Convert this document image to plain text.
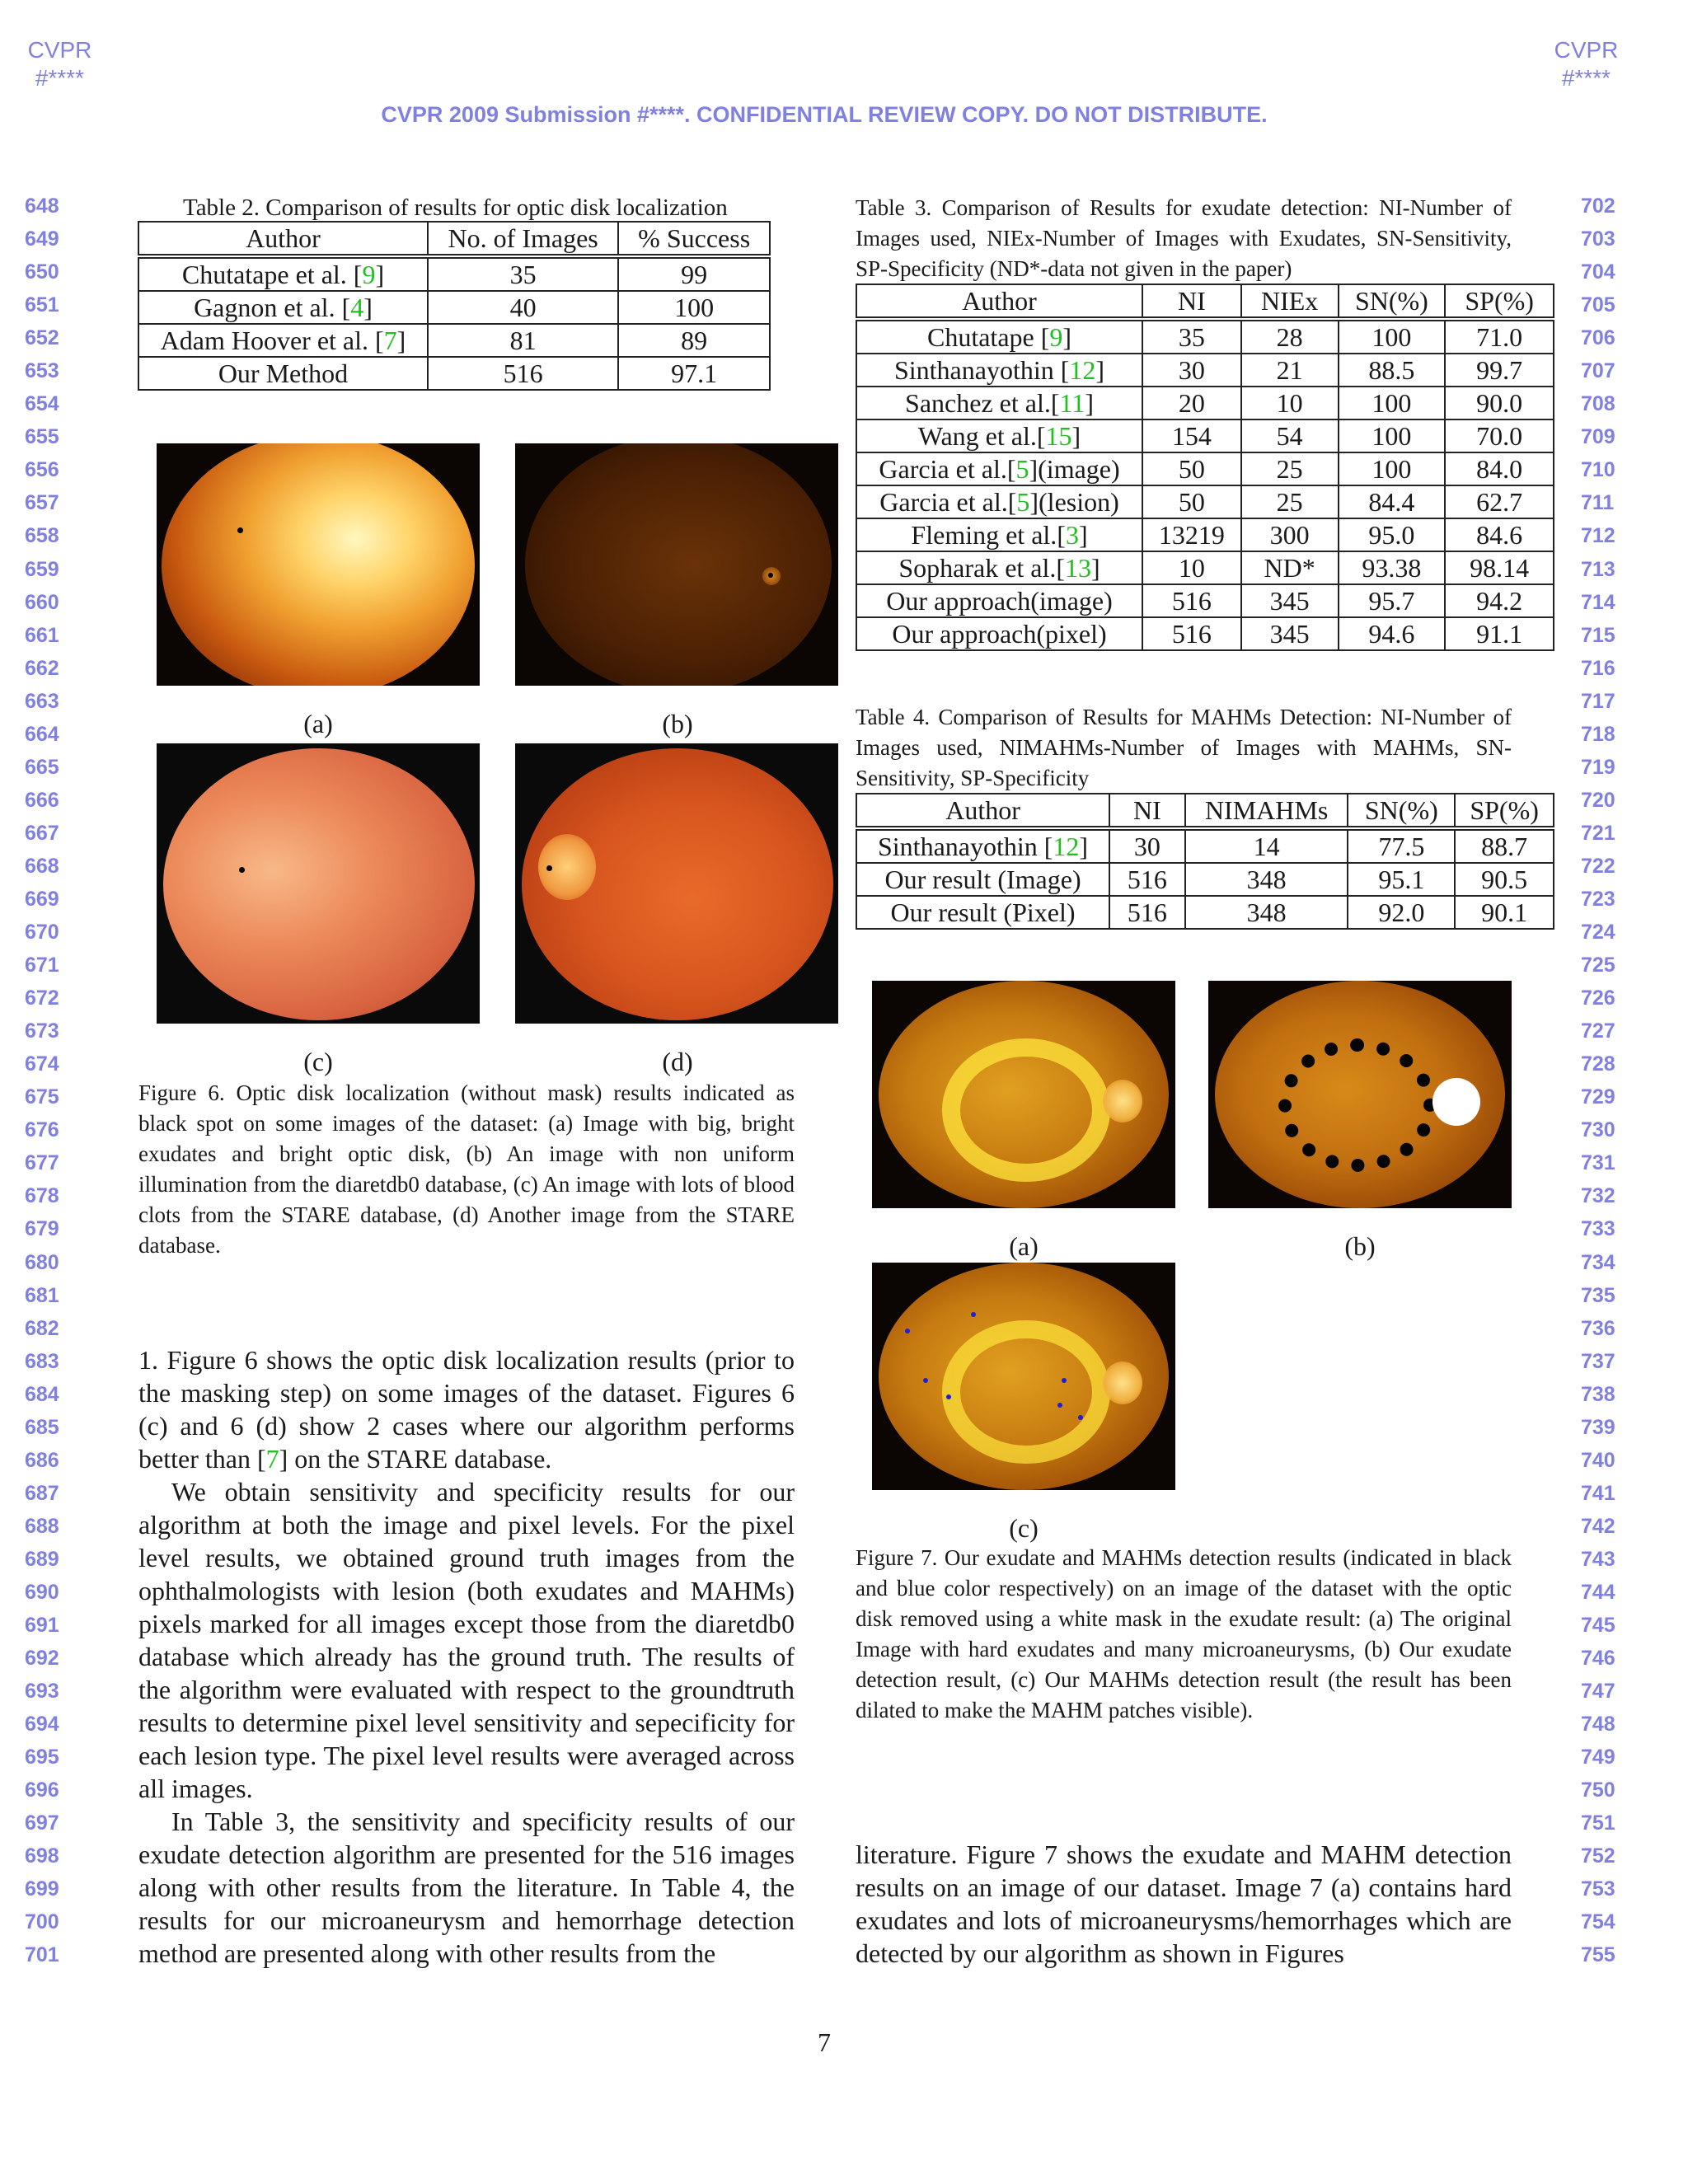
CVPR
#****
CVPR
#****
CVPR 2009 Submission #****. CONFIDENTIAL REVIEW COPY. DO NOT DISTRIBUTE.
648
649
650
651
652
653
654
655
656
657
658
659
660
661
662
663
664
665
666
667
668
669
670
671
672
673
674
675
676
677
678
679
680
681
682
683
684
685
686
687
688
689
690
691
692
693
694
695
696
697
698
699
700
701
702
703
704
705
706
707
708
709
710
711
712
713
714
715
716
717
718
719
720
721
722
723
724
725
726
727
728
729
730
731
732
733
734
735
736
737
738
739
740
741
742
743
744
745
746
747
748
749
750
751
752
753
754
755
Table 2. Comparison of results for optic disk localization
Author	No. of Images	% Success
Chutatape et al. [9]	35	99
Gagnon et al. [4]	40	100
Adam Hoover et al. [7]	81	89
Our Method	516	97.1
Table 3. Comparison of Results for exudate detection: NI-Number of Images used, NIEx-Number of Images with Exudates, SN-Sensitivity, SP-Specificity (ND*-data not given in the paper)
Author	NI	NIEx	SN(%)	SP(%)
Chutatape [9]	35	28	100	71.0
Sinthanayothin [12]	30	21	88.5	99.7
Sanchez et al.[11]	20	10	100	90.0
Wang et al.[15]	154	54	100	70.0
Garcia et al.[5](image)	50	25	100	84.0
Garcia et al.[5](lesion)	50	25	84.4	62.7
Fleming et al.[3]	13219	300	95.0	84.6
Sopharak et al.[13]	10	ND*	93.38	98.14
Our approach(image)	516	345	95.7	94.2
Our approach(pixel)	516	345	94.6	91.1
Table 4. Comparison of Results for MAHMs Detection: NI-Number of Images used, NIMAHMs-Number of Images with MAHMs, SN-Sensitivity, SP-Specificity
Author	NI	NIMAHMs	SN(%)	SP(%)
Sinthanayothin [12]	30	14	77.5	88.7
Our result (Image)	516	348	95.1	90.5
Our result (Pixel)	516	348	92.0	90.1
(a)	(b)
(c)	(d)
Figure 6. Optic disk localization (without mask) results indicated as black spot on some images of the dataset: (a) Image with big, bright exudates and bright optic disk, (b) An image with non uniform illumination from the diaretdb0 database, (c) An image with lots of blood clots from the STARE database, (d) Another image from the STARE database.	(a)	(b)
(c)
Figure 7. Our exudate and MAHMs detection results (indicated in black and blue color respectively) on an image of the dataset with the optic disk removed using a white mask in the exudate result: (a) The original Image with hard exudates and many microaneurysms, (b) Our exudate detection result, (c) Our MAHMs detection result (the result has been dilated to make the MAHM patches visible).

1. Figure 6 shows the optic disk localization results (prior to the masking step) on some images of the dataset. Figures 6 (c) and 6 (d) show 2 cases where our algorithm performs better than [7] on the STARE database.

We obtain sensitivity and specificity results for our algorithm at both the image and pixel levels. For the pixel level results, we obtained ground truth images from the ophthalmologists with lesion (both exudates and MAHMs) pixels marked for all images except those from the diaretdb0 database which already has the ground truth. The results of the algorithm were evaluated with respect to the groundtruth results to determine pixel level sensitivity and sepecificity for each lesion type. The pixel level results were averaged across all images.

In Table 3, the sensitivity and specificity results of our exudate detection algorithm are presented for the 516 images along with other results from the literature. In Table 4, the results for our microaneurysm and hemorrhage detection method are presented along with other results from the

literature. Figure 7 shows the exudate and MAHM detection results on an image of our dataset. Image 7 (a) contains hard exudates and lots of microaneurysms/hemorrhages which are detected by our algorithm as shown in Figures

7
